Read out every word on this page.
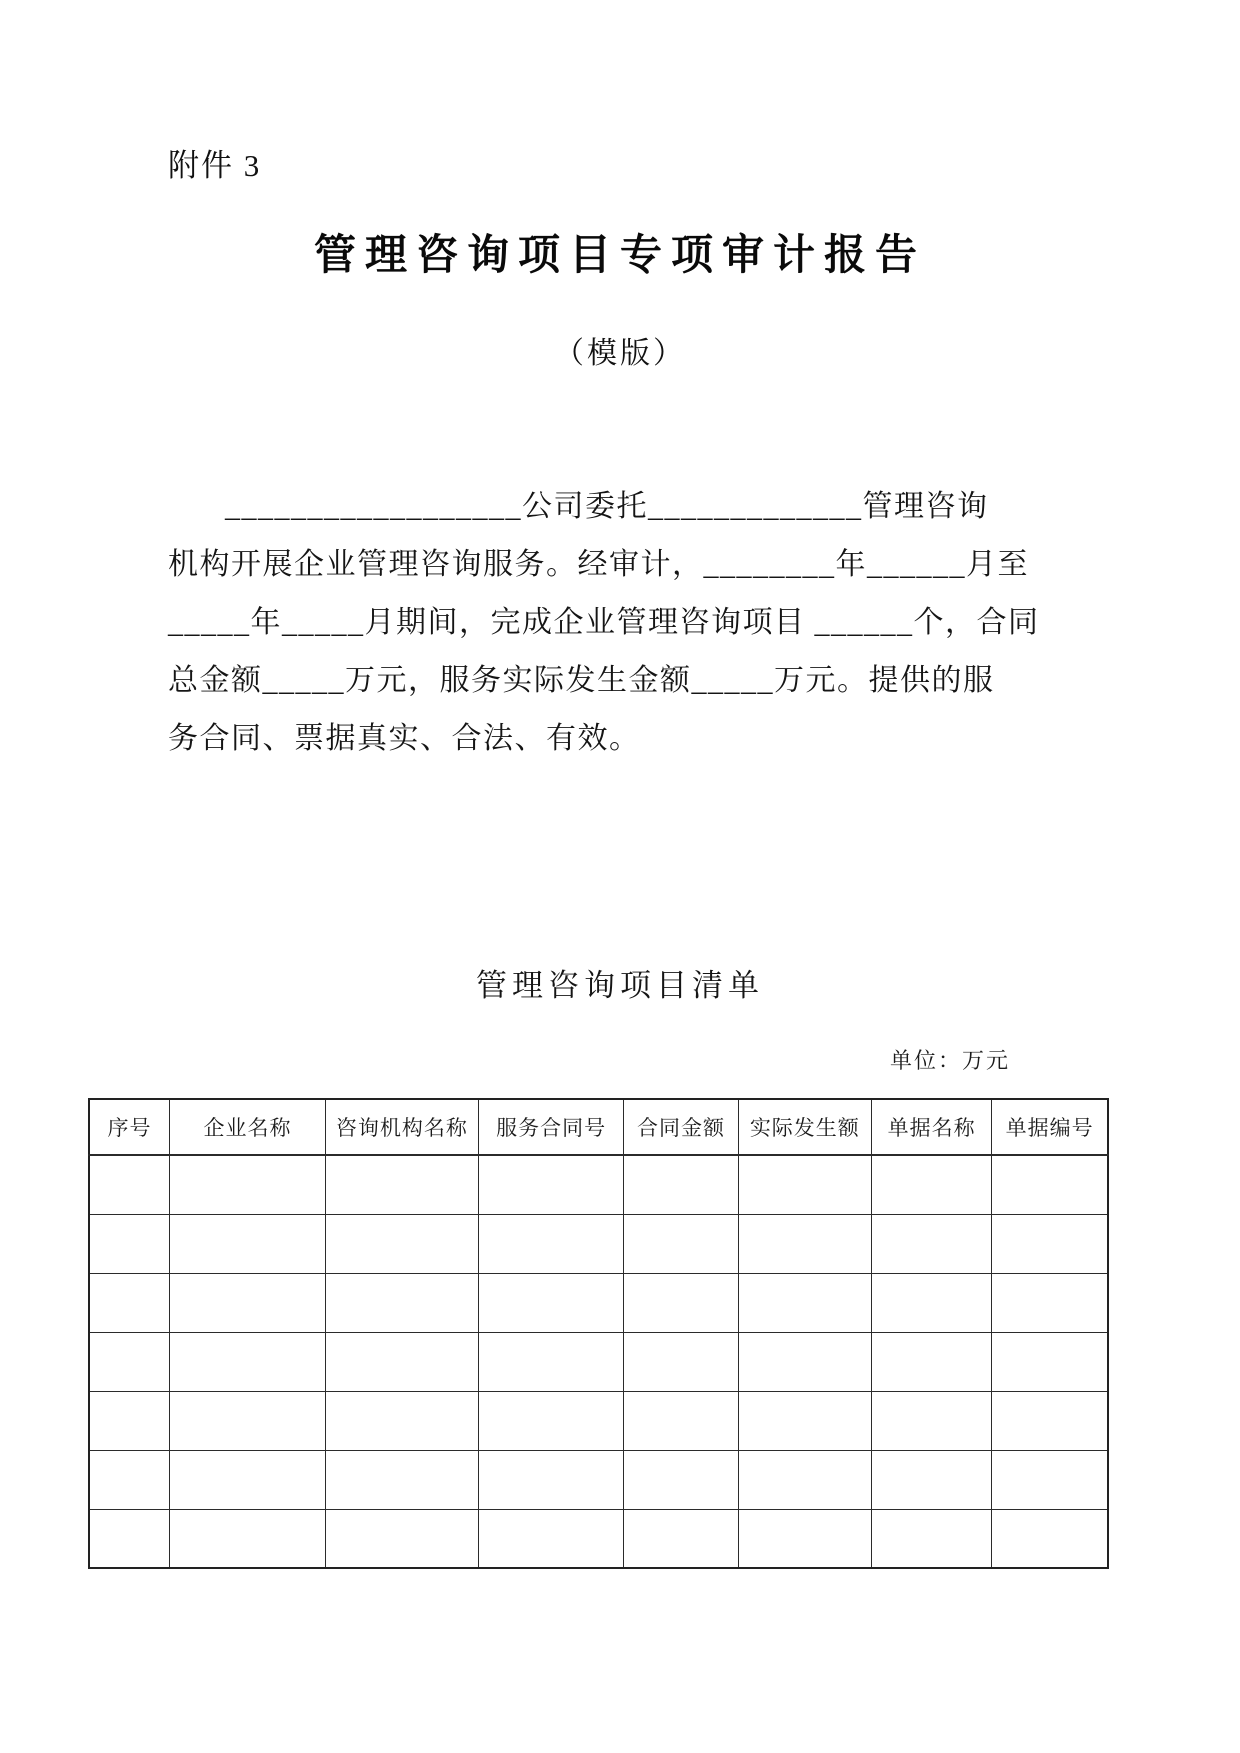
附件 3
管理咨询项目专项审计报告
（模版）
__________________公司委托_____________管理咨询
机构开展企业管理咨询服务。经审计，________年______月至
_____年_____月期间，完成企业管理咨询项目 ______个，合同
总金额_____万元，服务实际发生金额_____万元。提供的服
务合同、票据真实、合法、有效。
管理咨询项目清单
单位：万元
序号	企业名称	咨询机构名称	服务合同号	合同金额	实际发生额	单据名称	单据编号
